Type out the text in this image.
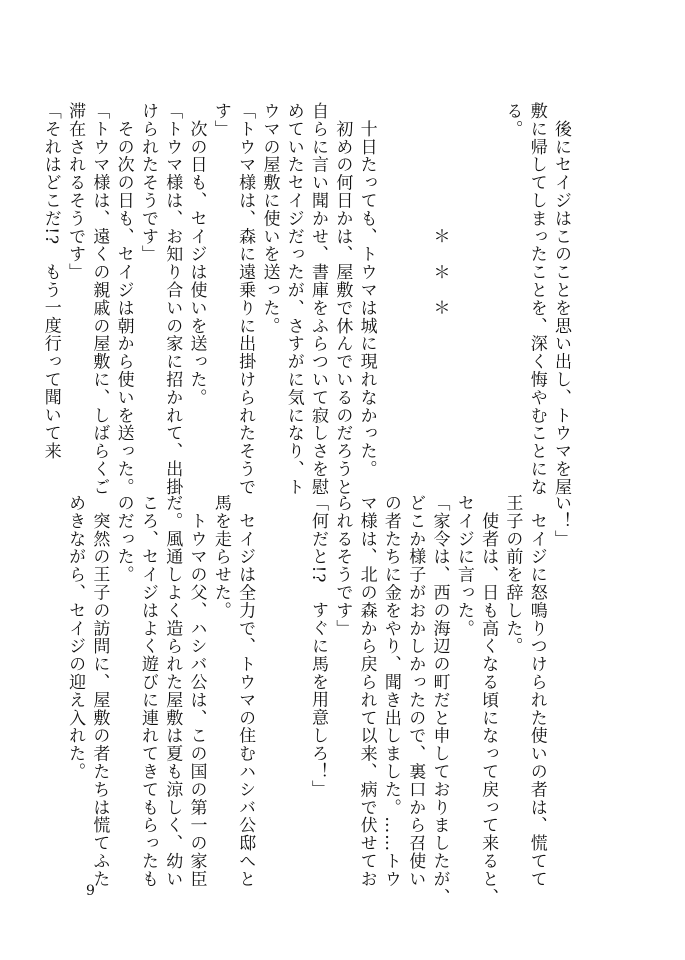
　後にセイジはこのことを思い出し、トウマを屋
敷に帰してしまったことを、深く悔やむことにな
る。

　　　　　　　＊　＊　＊

　十日たっても、トウマは城に現れなかった。
　初めの何日かは、屋敷で休んでいるのだろうと
自らに言い聞かせ、書庫をふらついて寂しさを慰
めていたセイジだったが、さすがに気になり、ト
ウマの屋敷に使いを送った。
「トウマ様は、森に遠乗りに出掛けられたそうで
す」
　次の日も、セイジは使いを送った。
「トウマ様は、お知り合いの家に招かれて、出掛
けられたそうです」
　その次の日も、セイジは朝から使いを送った。
「トウマ様は、遠くの親戚の屋敷に、しばらくご
滞在されるそうです」
「それはどこだ!?　もう一度行って聞いて来
い！」
　セイジに怒鳴りつけられた使いの者は、慌てて
王子の前を辞した。
　使者は、日も高くなる頃になって戻って来ると、
セイジに言った。
「家令は、西の海辺の町だと申しておりましたが、
どこか様子がおかしかったので、裏口から召使い
の者たちに金をやり、聞き出しました。……トウ
マ様は、北の森から戻られて以来、病で伏せてお
られるそうです」
「何だと!?　すぐに馬を用意しろ！」

　セイジは全力で、トウマの住むハシバ公邸へと
馬を走らせた。
　トウマの父、ハシバ公は、この国の第一の家臣
だ。風通しよく造られた屋敷は夏も涼しく、幼い
ころ、セイジはよく遊びに連れてきてもらったも
のだった。
　突然の王子の訪問に、屋敷の者たちは慌てふた
めきながら、セイジの迎え入れた。
9
